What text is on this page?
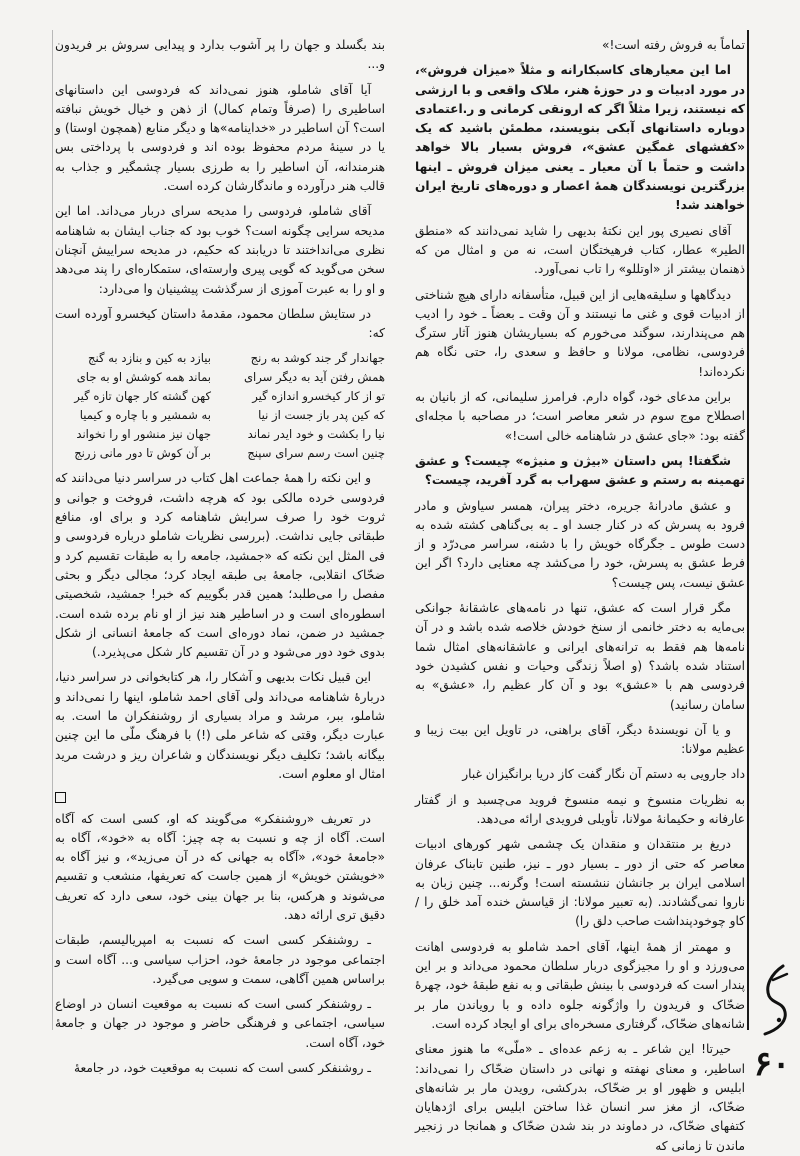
تماماً به فروش رفته است!»

اما این معیارهای کاسبکارانه و مثلاً «میزان فروش»، در مورد ادبیات و در حوزهٔ هنر، ملاک واقعی و با ارزشی که نیستند، زیرا مثلاً اگر که ارونقی کرمانی و ر.اعتمادی دوباره داستانهای آبکی بنویسند، مطمئن باشید که یک «کفشهای غمگین عشق»، فروش بسیار بالا خواهد داشت و حتماً با آن معیار ـ یعنی میزان فروش ـ اینها بزرگترین نویسندگان همهٔ اعصار و دوره‌های تاریخ ایران خواهند شد!

آقای نصیری پور این نکتهٔ بدیهی را شاید نمی‌دانند که «منطق الطیر» عطار، کتاب فرهیختگان است، نه من و امثال من که ذهنمان بیشتر از «اوتللو» را تاب نمی‌آورد.

دیدگاهها و سلیقه‌هایی از این قبیل، متأسفانه دارای هیچ شناختی از ادبیات قوی و غنی ما نیستند و آن وقت ـ بعضاً ـ خود را ادیب هم می‌پندارند، سوگند می‌خورم که بسیاریشان هنوز آثار سترگ فردوسی، نظامی، مولانا و حافظ و سعدی را، حتی نگاه هم نکرده‌اند!

براین مدعای خود، گواه دارم. فرامرز سلیمانی، که از بانیان به اصطلاح موج سوم در شعر معاصر است؛ در مصاحبه با مجله‌ای گفته بود: «جای عشق در شاهنامه خالی است!»

شگفتا! پس داستان «بیژن و منیژه» چیست؟ و عشق تهمینه به رستم و عشق سهراب به گرد آفرید، چیست؟

و عشق مادرانهٔ جریره، دختر پیران، همسر سیاوش و مادر فرود به پسرش که در کنار جسد او ـ به بی‌گناهی کشته شده به دست طوس ـ جگرگاه خویش را با دشنه، سراسر می‌درّد و از فرط عشق به پسرش، خود را می‌کشد چه معنایی دارد؟ اگر این عشق نیست، پس چیست؟

مگر قرار است که عشق، تنها در نامه‌های عاشقانهٔ جوانکی بی‌مایه به دختر خانمی از سنخ خودش خلاصه شده باشد و در آن نامه‌ها هم فقط به ترانه‌های ایرانی و عاشقانه‌های امثال شما استناد شده باشد؟ (و اصلاً زندگی وحیات و نفس کشیدن خود فردوسی هم با «عشق» بود و آن کار عظیم را، «عشق» به سامان رسانید)

و یا آن نویسندهٔ دیگر، آقای براهنی، در تاویل این بیت زیبا و عظیم مولانا:

داد جارویی به دستم آن نگار گفت کاز دریا برانگیزان غبار

به نظریات منسوخ و نیمه منسوخ فروید می‌چسبد و از گفتار عارفانه و حکیمانهٔ مولانا، تأویلی فرویدی ارائه می‌دهد.

دریغ بر منتقدان و منقدان یک چشمی شهر کورهای ادبیات معاصر که حتی از دور ـ بسیار دور ـ نیز، طنین تابناک عرفان اسلامی ایران بر جانشان ننشسته است! وگرنه... چنین زبان به ناروا نمی‌گشادند. (به تعبیر مولانا: از قیاسش خنده آمد خلق را / کاو چوخودپنداشت صاحب دلق را)

و مهمتر از همهٔ اینها، آقای احمد شاملو به فردوسی اهانت می‌ورزد و او را مجیزگوی دربار سلطان محمود می‌داند و بر این پندار است که فردوسی با بینش طبقاتی و به نفع طبقهٔ خود، چهرهٔ ضحّاک و فریدون را واژگونه جلوه داده و با رویاندن مار بر شانه‌های ضحّاک، گرفتاری مسخره‌ای برای او ایجاد کرده است.

حیرتا! این شاعر ـ به زعم عده‌ای ـ «ملّی» ما هنوز معنای اساطیر، و معنای نهفته و نهانی در داستان ضحّاک را نمی‌داند: ابلیس و ظهور او بر ضحّاک، بدرکشی، رویدن مار بر شانه‌های ضحّاک، از مغز سر انسان غذا ساختن ابلیس برای اژدهایان کتفهای ضحّاک، در دماوند در بند شدن ضحّاک و همانجا در زنجیر ماندن تا زمانی که

بند بگسلد و جهان را پر آشوب بدارد و پیدایی سروش بر فریدون و...

آیا آقای شاملو، هنوز نمی‌داند که فردوسی این داستانهای اساطیری را (صرفاً وتمام کمال) از ذهن و خیال خویش نبافته است؟ آن اساطیر در «خداینامه»ها و دیگر منابع (همچون اوستا) و یا در سینهٔ مردم محفوظ بوده اند و فردوسی با پرداختی بس هنرمندانه، آن اساطیر را به طرزی بسیار چشمگیر و جذاب به قالب هنر درآورده و ماندگارشان کرده است.

آقای شاملو، فردوسی را مدیحه سرای دربار می‌داند. اما این مدیحه سرایی چگونه است؟ خوب بود که جناب ایشان به شاهنامه نظری می‌انداختند تا دریابند که حکیم، در مدیحه سراییش آنچنان سخن می‌گوید که گویی پیری وارسته‌ای، ستمکاره‌ای را پند می‌دهد و او را به عبرت آموزی از سرگذشت پیشینیان وا می‌دارد:

در ستایش سلطان محمود، مقدمهٔ داستان کیخسرو آورده است که:

جهاندار گر جند کوشد به رنج
بیازد به کین و بنازد به گنج
همش رفتن آید به دیگر سرای
بماند همه کوشش او به جای
تو از کار کیخسرو اندازه گیر
کهن گشته کار جهان تازه گیر
که کین پدر باز جست از نیا
به شمشیر و با چاره و کیمیا
نیا را بکشت و خود ایدر نماند
جهان نیز منشور او را نخواند
چنین است رسم سرای سپنج
بر آن کوش تا دور مانی زرنج

و این نکته را همهٔ جماعت اهل کتاب در سراسر دنیا می‌دانند که فردوسی خرده مالکی بود که هرچه داشت، فروخت و جوانی و ثروت خود را صرف سرایش شاهنامه کرد و برای او، منافع طبقاتی جایی نداشت. (بررسی نظریات شاملو درباره فردوسی و فی المثل این نکته که «جمشید، جامعه را به طبقات تقسیم کرد و ضحّاک انقلابی، جامعهٔ بی طبقه ایجاد کرد؛ مجالی دیگر و بحثی مفصل را می‌طلبد؛ همین قدر بگوییم که خبر! جمشید، شخصیتی اسطوره‌ای است و در اساطیر هند نیز از او نام برده شده است. جمشید در ضمن، نماد دوره‌ای است که جامعهٔ انسانی از شکل بدوی خود دور می‌شود و در آن تقسیم کار شکل می‌پذیرد.)

این قبیل نکات بدیهی و آشکار را، هر کتابخوانی در سراسر دنیا، دربارهٔ شاهنامه می‌داند ولی آقای احمد شاملو، اینها را نمی‌داند و شاملو، ببر، مرشد و مراد بسیاری از روشنفکران ما است. به عبارت دیگر، وقتی که شاعر ملی (!) با فرهنگ ملّی ما این چنین بیگانه باشد؛ تکلیف دیگر نویسندگان و شاعران ریز و درشت مرید امثال او معلوم است.

در تعریف «روشنفکر» می‌گویند که او، کسی است که آگاه است. آگاه از چه و نسبت به چه چیز: آگاه به «خود»، آگاه به «جامعهٔ خود»، «آگاه به جهانی که در آن می‌زید»، و نیز آگاه به «خویشتن خویش» از همین جاست که تعریفها، منشعب و تقسیم می‌شوند و هرکس، بنا بر جهان بینی خود، سعی دارد که تعریف دقیق تری ارائه دهد.

ـ روشنفکر کسی است که نسبت به امپریالیسم، طبقات اجتماعی موجود در جامعهٔ خود، احزاب سیاسی و... آگاه است و براساس همین آگاهی، سمت و سویی می‌گیرد.

ـ روشنفکر کسی است که نسبت به موقعیت انسان در اوضاع سیاسی، اجتماعی و فرهنگی حاضر و موجود در جهان و جامعهٔ خود، آگاه است.

ـ روشنفکر کسی است که نسبت به موقعیت خود، در جامعهٔ	۶۰
